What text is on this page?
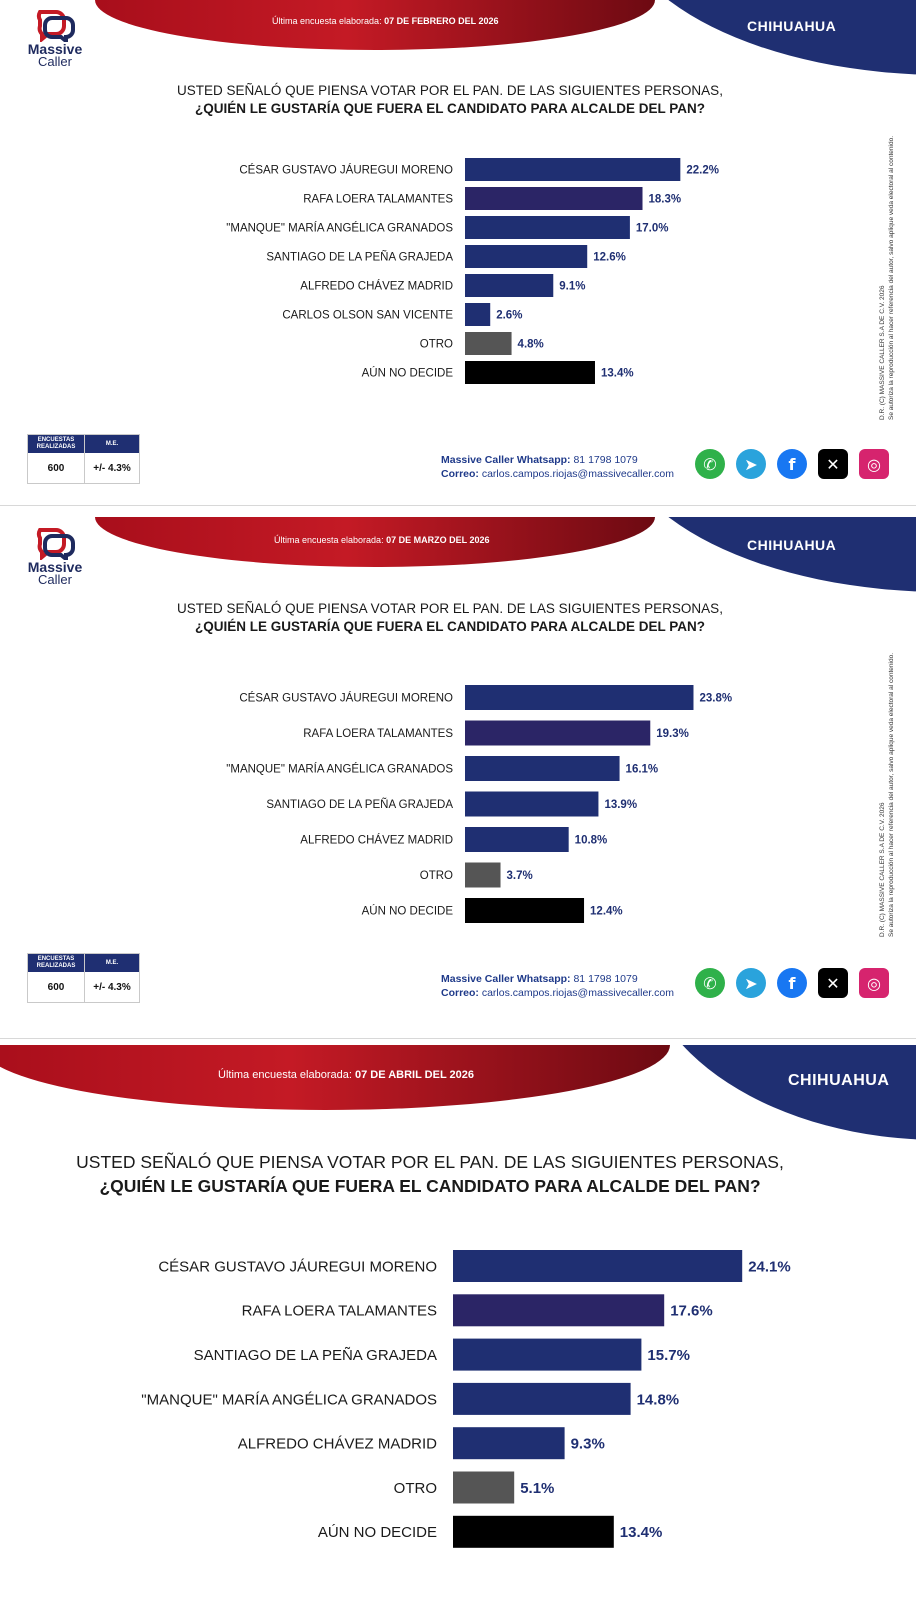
Última encuesta elaborada: 07 DE FEBRERO DEL 2026	CHIHUAHUA
Massive
Caller
USTED SEÑALÓ QUE PIENSA VOTAR POR EL PAN. DE LAS SIGUIENTES PERSONAS,
¿QUIÉN LE GUSTARÍA QUE FUERA EL CANDIDATO PARA ALCALDE DEL PAN?
D.R. (C) MASSIVE CALLER S.A DE C.V. 2026 Se autoriza la reproducción al hacer referencia del autor, salvo aplique veda electoral al contenido.
CÉSAR GUSTAVO JÁUREGUI MORENO	22.2%
RAFA LOERA TALAMANTES	18.3%
"MANQUE" MARÍA ANGÉLICA GRANADOS	17.0%
SANTIAGO DE LA PEÑA GRAJEDA	12.6%
ALFREDO CHÁVEZ MADRID	9.1%
CARLOS OLSON SAN VICENTE	2.6%
OTRO	4.8%
AÚN NO DECIDE	13.4%
ENCUESTAS REALIZADAS
M.E.
600	+/- 4.3%
Massive Caller Whatsapp: 81 1798 1079
Correo: carlos.campos.riojas@massivecaller.com
✆ ➤ f ✕ ◎
Última encuesta elaborada: 07 DE MARZO DEL 2026	CHIHUAHUA
Massive
Caller
USTED SEÑALÓ QUE PIENSA VOTAR POR EL PAN. DE LAS SIGUIENTES PERSONAS,
¿QUIÉN LE GUSTARÍA QUE FUERA EL CANDIDATO PARA ALCALDE DEL PAN?
D.R. (C) MASSIVE CALLER S.A DE C.V. 2026 Se autoriza la reproducción al hacer referencia del autor, salvo aplique veda electoral al contenido.
CÉSAR GUSTAVO JÁUREGUI MORENO	23.8%
RAFA LOERA TALAMANTES	19.3%
"MANQUE" MARÍA ANGÉLICA GRANADOS	16.1%
SANTIAGO DE LA PEÑA GRAJEDA	13.9%
ALFREDO CHÁVEZ MADRID	10.8%
OTRO	3.7%
AÚN NO DECIDE	12.4%
ENCUESTAS REALIZADAS
M.E.
600	+/- 4.3%
Massive Caller Whatsapp: 81 1798 1079
Correo: carlos.campos.riojas@massivecaller.com
✆ ➤ f ✕ ◎
Última encuesta elaborada: 07 DE ABRIL DEL 2026	CHIHUAHUA
USTED SEÑALÓ QUE PIENSA VOTAR POR EL PAN. DE LAS SIGUIENTES PERSONAS,
¿QUIÉN LE GUSTARÍA QUE FUERA EL CANDIDATO PARA ALCALDE DEL PAN?
CÉSAR GUSTAVO JÁUREGUI MORENO	24.1%
RAFA LOERA TALAMANTES	17.6%
SANTIAGO DE LA PEÑA GRAJEDA	15.7%
"MANQUE" MARÍA ANGÉLICA GRANADOS	14.8%
ALFREDO CHÁVEZ MADRID	9.3%
OTRO	5.1%
AÚN NO DECIDE	13.4%
